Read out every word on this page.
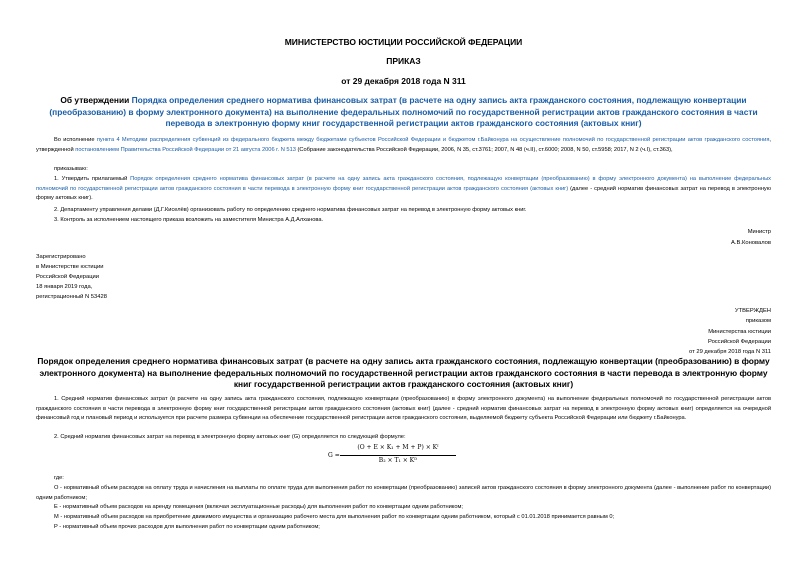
МИНИСТЕРСТВО ЮСТИЦИИ РОССИЙСКОЙ ФЕДЕРАЦИИ
ПРИКАЗ
от 29 декабря 2018 года N 311
Об утверждении Порядка определения среднего норматива финансовых затрат (в расчете на одну запись акта гражданского состояния, подлежащую конвертации (преобразованию) в форму электронного документа) на выполнение федеральных полномочий по государственной регистрации актов гражданского состояния в части перевода в электронную форму книг государственной регистрации актов гражданского состояния (актовых книг)
Во исполнение пункта 4 Методики распределения субвенций из федерального бюджета между бюджетами субъектов Российской Федерации и бюджетом г.Байконура на осуществление полномочий по государственной регистрации актов гражданского состояния, утвержденной постановлением Правительства Российской Федерации от 21 августа 2006 г. N 513 (Собрание законодательства Российской Федерации, 2006, N 35, ст.3761; 2007, N 48 (ч.II), ст.6000; 2008, N 50, ст.5958; 2017, N 2 (ч.I), ст.363),
приказываю:
1. Утвердить прилагаемый Порядок определения среднего норматива финансовых затрат (в расчете на одну запись акта гражданского состояния, подлежащую конвертации (преобразованию) в форму электронного документа) на выполнение федеральных полномочий по государственной регистрации актов гражданского состояния в части перевода в электронную форму книг государственной регистрации актов гражданского состояния (актовых книг) (далее - средний норматив финансовых затрат на перевод в электронную форму актовых книг).
2. Департаменту управления делами (Д.Г.Киселёв) организовать работу по определению среднего норматива финансовых затрат на перевод в электронную форму актовых книг.
3. Контроль за исполнением настоящего приказа возложить на заместителя Министра А.Д.Алханова.
Министр
А.В.Коновалов
Зарегистрировано
в Министерстве юстиции
Российской Федерации
18 января 2019 года,
регистрационный N 53428
УТВЕРЖДЕН
приказом
Министерства юстиции
Российской Федерации
от 29 декабря 2018 года N 311
Порядок определения среднего норматива финансовых затрат (в расчете на одну запись акта гражданского состояния, подлежащую конвертации (преобразованию) в форму электронного документа) на выполнение федеральных полномочий по государственной регистрации актов гражданского состояния в части перевода в электронную форму книг государственной регистрации актов гражданского состояния (актовых книг)
1. Средний норматив финансовых затрат (в расчете на одну запись акта гражданского состояния, подлежащую конвертации (преобразованию) в форму электронного документа) на выполнение федеральных полномочий по государственной регистрации актов гражданского состояния в части перевода в электронную форму книг государственной регистрации актов гражданского состояния (актовых книг) (далее - средний норматив финансовых затрат на перевод в электронную форму актовых книг) определяется на очередной финансовый год и плановый период и используется при расчете размера субвенции на обеспечение государственной регистрации актов гражданского состояния, выделяемой бюджету субъекта Российской Федерации или бюджету г.Байконура.
2. Средний норматив финансовых затрат на перевод в электронную форму актовых книг (G) определяется по следующей формуле:
G =
(O + E × K₁ + M + P) × Kᴵ
B₂ × T₁ × Kᴰ
где:
O - нормативный объем расходов на оплату труда и начисления на выплаты по оплате труда для выполнения работ по конвертации (преобразованию) записей актов гражданского состояния в форму электронного документа (далее - выполнение работ по конвертации) одним работником;
E - нормативный объем расходов на аренду помещения (включая эксплуатационные расходы) для выполнения работ по конвертации одним работником;
M - нормативный объем расходов на приобретение движимого имущества и организацию рабочего места для выполнения работ по конвертации одним работником, который с 01.01.2018 принимается равным 0;
P - нормативный объем прочих расходов для выполнения работ по конвертации одним работником;
